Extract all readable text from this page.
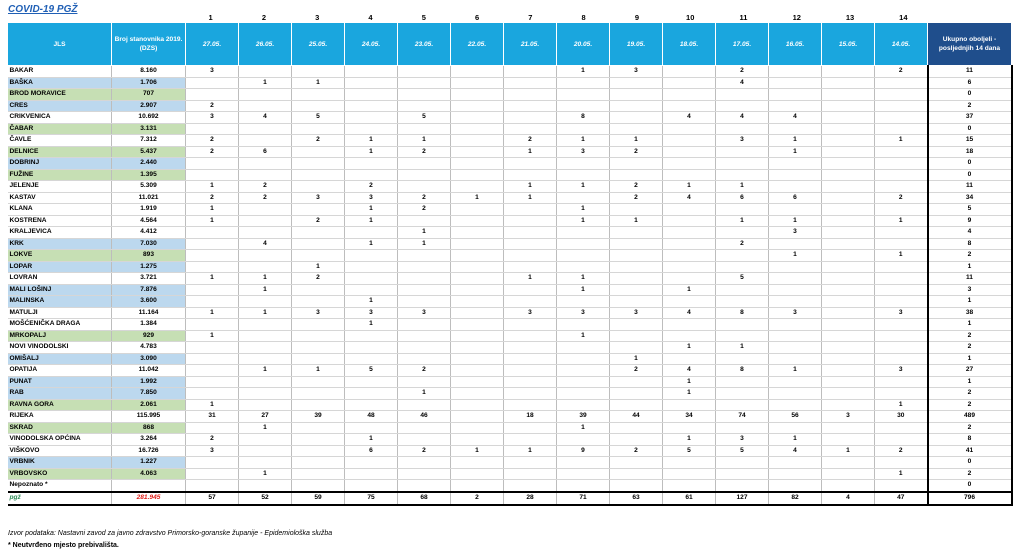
COVID-19 PGŽ
1	2	3	4	5	6	7	8	9	10	11	12	13	14
JLS	Broj stanovnika 2019. (DZS)	27.05.	26.05.	25.05.	24.05.	23.05.	22.05.	21.05.	20.05.	19.05.	18.05.	17.05.	16.05.	15.05.	14.05.	Ukupno oboljeli - posljednjih 14 dana
BAKAR	8.160	3							1	3		2			2	11
BAŠKA	1.706		1	1								4				6
BROD MORAVICE	707															0
CRES	2.907	2														2
CRIKVENICA	10.692	3	4	5		5			8		4	4	4			37
ČABAR	3.131															0
ČAVLE	7.312	2		2	1	1		2	1	1		3	1		1	15
DELNICE	5.437	2	6		1	2		1	3	2			1			18
DOBRINJ	2.440															0
FUŽINE	1.395															0
JELENJE	5.309	1	2		2			1	1	2	1	1				11
KASTAV	11.021	2	2	3	3	2	1	1		2	4	6	6		2	34
KLANA	1.919	1			1	2			1							5
KOSTRENA	4.564	1		2	1				1	1		1	1		1	9
KRALJEVICA	4.412					1							3			4
KRK	7.030		4		1	1						2				8
LOKVE	893												1		1	2
LOPAR	1.275			1												1
LOVRAN	3.721	1	1	2				1	1			5				11
MALI LOŠINJ	7.876		1						1		1					3
MALINSKA	3.600				1											1
MATULJI	11.164	1	1	3	3	3		3	3	3	4	8	3		3	38
MOŠĆENIČKA DRAGA	1.384				1											1
MRKOPALJ	929	1							1							2
NOVI VINODOLSKI	4.783										1	1				2
OMIŠALJ	3.090									1						1
OPATIJA	11.042		1	1	5	2				2	4	8	1		3	27
PUNAT	1.992										1					1
RAB	7.850					1					1					2
RAVNA GORA	2.061	1													1	2
RIJEKA	115.995	31	27	39	48	46		18	39	44	34	74	56	3	30	489
SKRAD	868		1						1							2
VINODOLSKA OPĆINA	3.264	2			1						1	3	1			8
VIŠKOVO	16.726	3			6	2	1	1	9	2	5	5	4	1	2	41
VRBNIK	1.227															0
VRBOVSKO	4.063		1												1	2
Nepoznato *																0
pgž	281.945	57	52	59	75	68	2	28	71	63	61	127	82	4	47	796
Izvor podataka: Nastavni zavod za javno zdravstvo Primorsko-goranske županije - Epidemiološka služba
* Neutvrđeno mjesto prebivališta.
